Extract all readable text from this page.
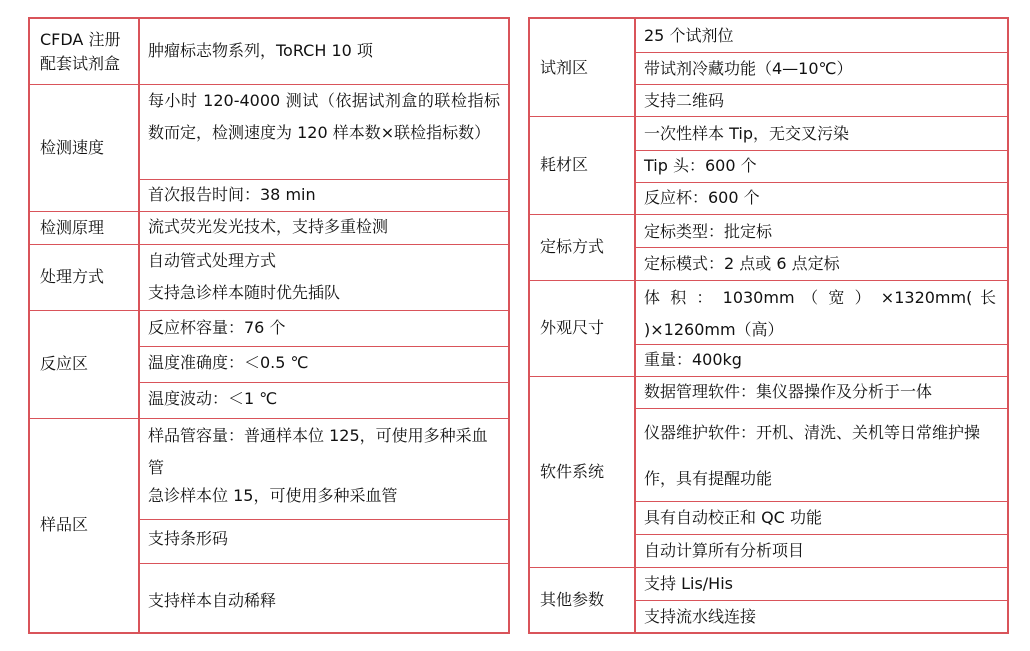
CFDA 注册
配套试剂盒
肿瘤标志物系列，ToRCH 10 项
检测速度
每小时 120-4000 测试（依据试剂盒的联检指标数而定，检测速度为 120 样本数×联检指标数）
首次报告时间：38 min
检测原理	流式荧光发光技术，支持多重检测
处理方式
自动管式处理方式
支持急诊样本随时优先插队
反应区
反应杯容量：76 个
温度准确度：＜0.5 ℃
温度波动：＜1 ℃
样品区
样品管容量：普通样本位 125，可使用多种采血管
急诊样本位 15，可使用多种采血管
支持条形码
支持样本自动稀释
试剂区
25 个试剂位
带试剂冷藏功能（4—10℃）
支持二维码
耗材区
一次性样本 Tip，无交叉污染
Tip 头：600 个
反应杯：600 个
定标方式
定标类型：批定标
定标模式：2 点或 6 点定标
外观尺寸
体 积 ： 1030mm （ 宽 ） ×1320mm( 长 )×1260mm（高）
重量：400kg
软件系统
数据管理软件：集仪器操作及分析于一体
仪器维护软件：开机、清洗、关机等日常维护操作，具有提醒功能
具有自动校正和 QC 功能
自动计算所有分析项目
其他参数
支持 Lis/His
支持流水线连接
